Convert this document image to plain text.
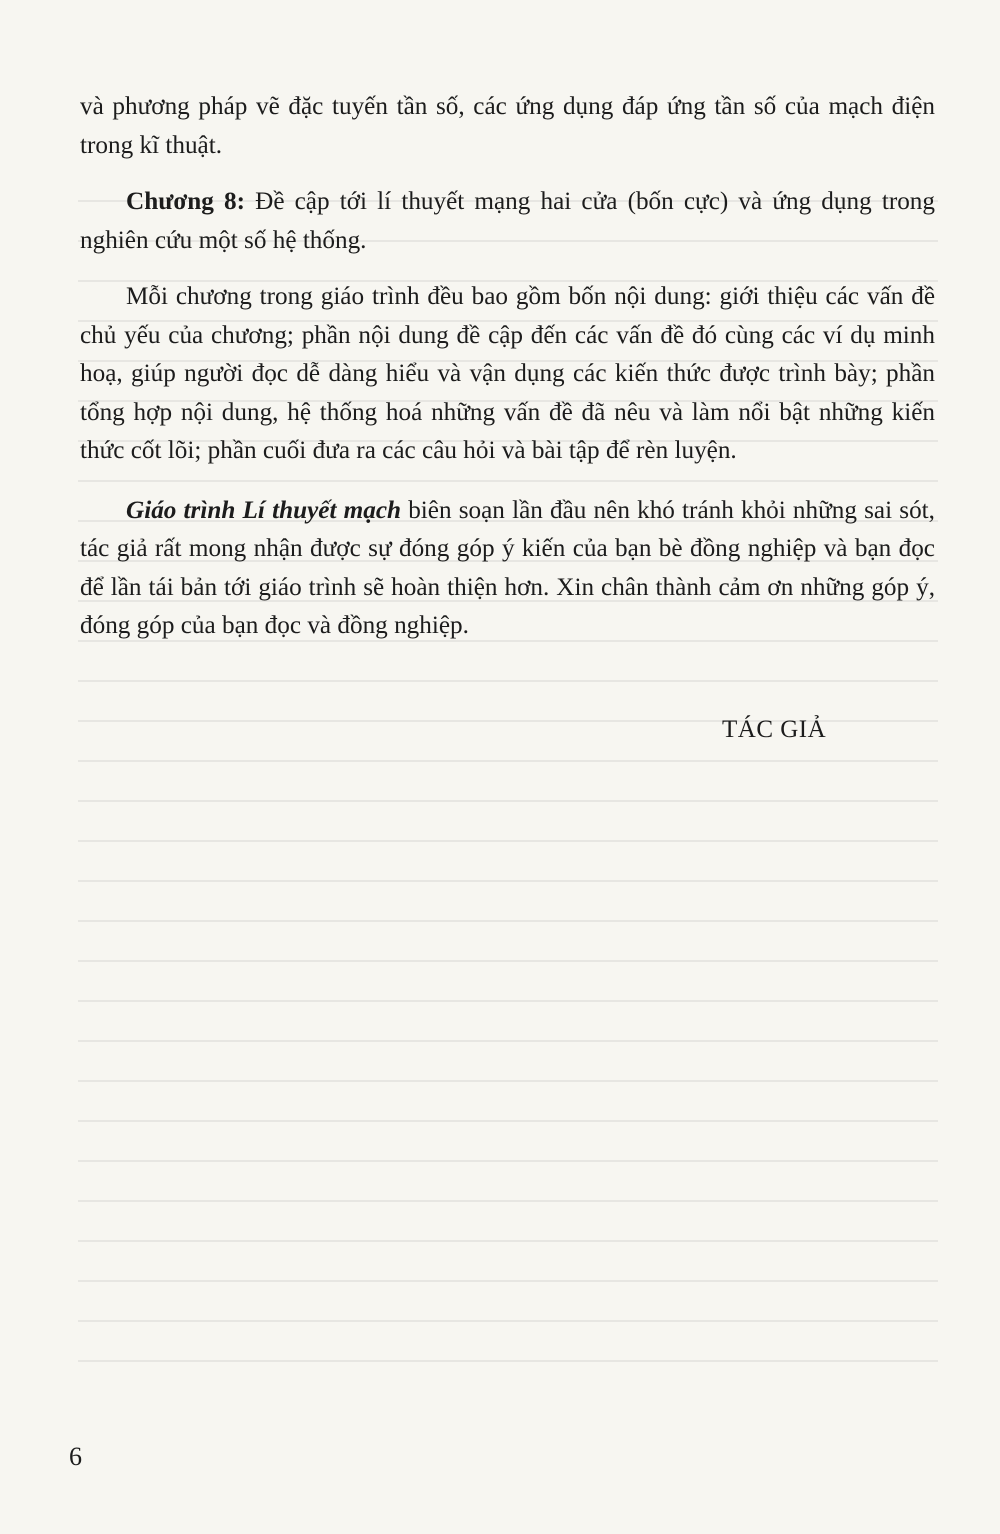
và phương pháp vẽ đặc tuyến tần số, các ứng dụng đáp ứng tần số của mạch điện trong kĩ thuật.

Chương 8: Đề cập tới lí thuyết mạng hai cửa (bốn cực) và ứng dụng trong nghiên cứu một số hệ thống.

Mỗi chương trong giáo trình đều bao gồm bốn nội dung: giới thiệu các vấn đề chủ yếu của chương; phần nội dung đề cập đến các vấn đề đó cùng các ví dụ minh hoạ, giúp người đọc dễ dàng hiểu và vận dụng các kiến thức được trình bày; phần tổng hợp nội dung, hệ thống hoá những vấn đề đã nêu và làm nổi bật những kiến thức cốt lõi; phần cuối đưa ra các câu hỏi và bài tập để rèn luyện.

Giáo trình Lí thuyết mạch biên soạn lần đầu nên khó tránh khỏi những sai sót, tác giả rất mong nhận được sự đóng góp ý kiến của bạn bè đồng nghiệp và bạn đọc để lần tái bản tới giáo trình sẽ hoàn thiện hơn. Xin chân thành cảm ơn những góp ý, đóng góp của bạn đọc và đồng nghiệp.

TÁC GIẢ
6
